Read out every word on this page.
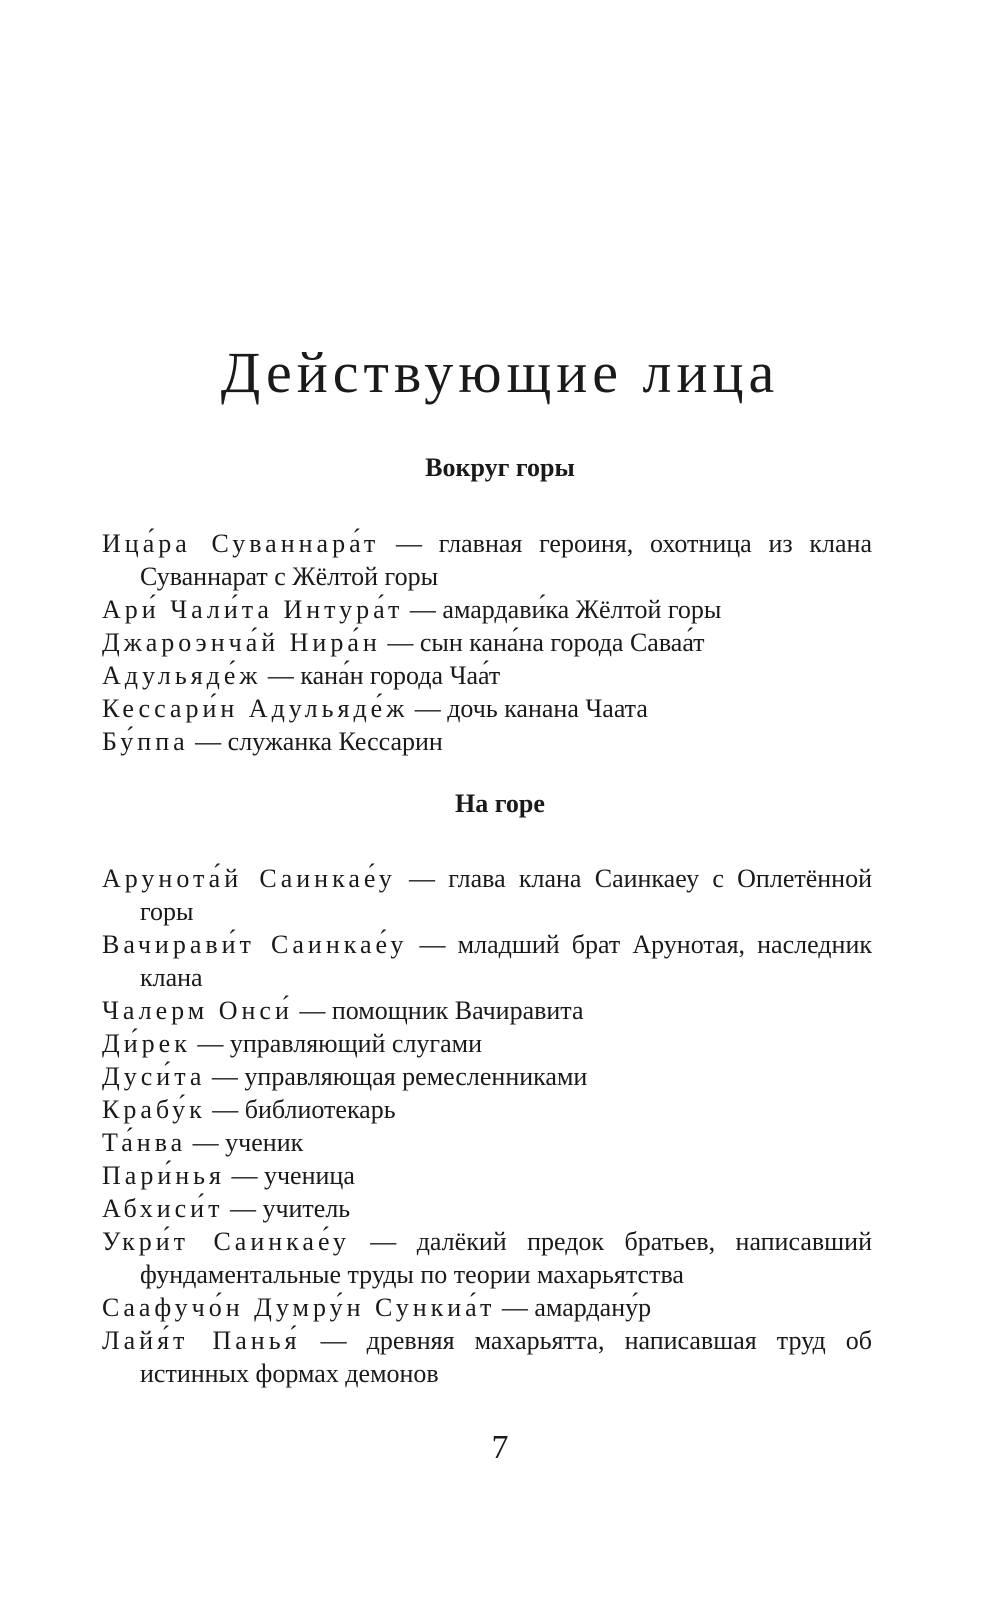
Действующие лица
Вокруг горы
Ица́ра Суваннара́т — главная героиня, охотница из клана Суваннарат с Жёлтой горы
Ари́ Чали́та Интура́т — амардави́ка Жёлтой горы
Джароэнча́й Нира́н — сын кана́на города Саваа́т
Адульяде́ж — кана́н города Чаа́т
Кессари́н Адульяде́ж — дочь канана Чаата
Бу́ппа — служанка Кессарин
На горе
Арунота́й Саинкае́у — глава клана Саинкаеу с Оплетённой горы
Вачирави́т Саинкае́у — младший брат Арунотая, наследник клана
Чалерм Онси́ — помощник Вачиравита
Ди́рек — управляющий слугами
Дуси́та — управляющая ремесленниками
Крабу́к — библиотекарь
Та́нва — ученик
Пари́нья — ученица
Абхиси́т — учитель
Укри́т Саинкае́у — далёкий предок братьев, написавший фундаментальные труды по теории махарьятства
Саафучо́н Думру́н Сункиа́т — амардану́р
Лайя́т Панья́ — древняя махарьятта, написавшая труд об истинных формах демонов
7
